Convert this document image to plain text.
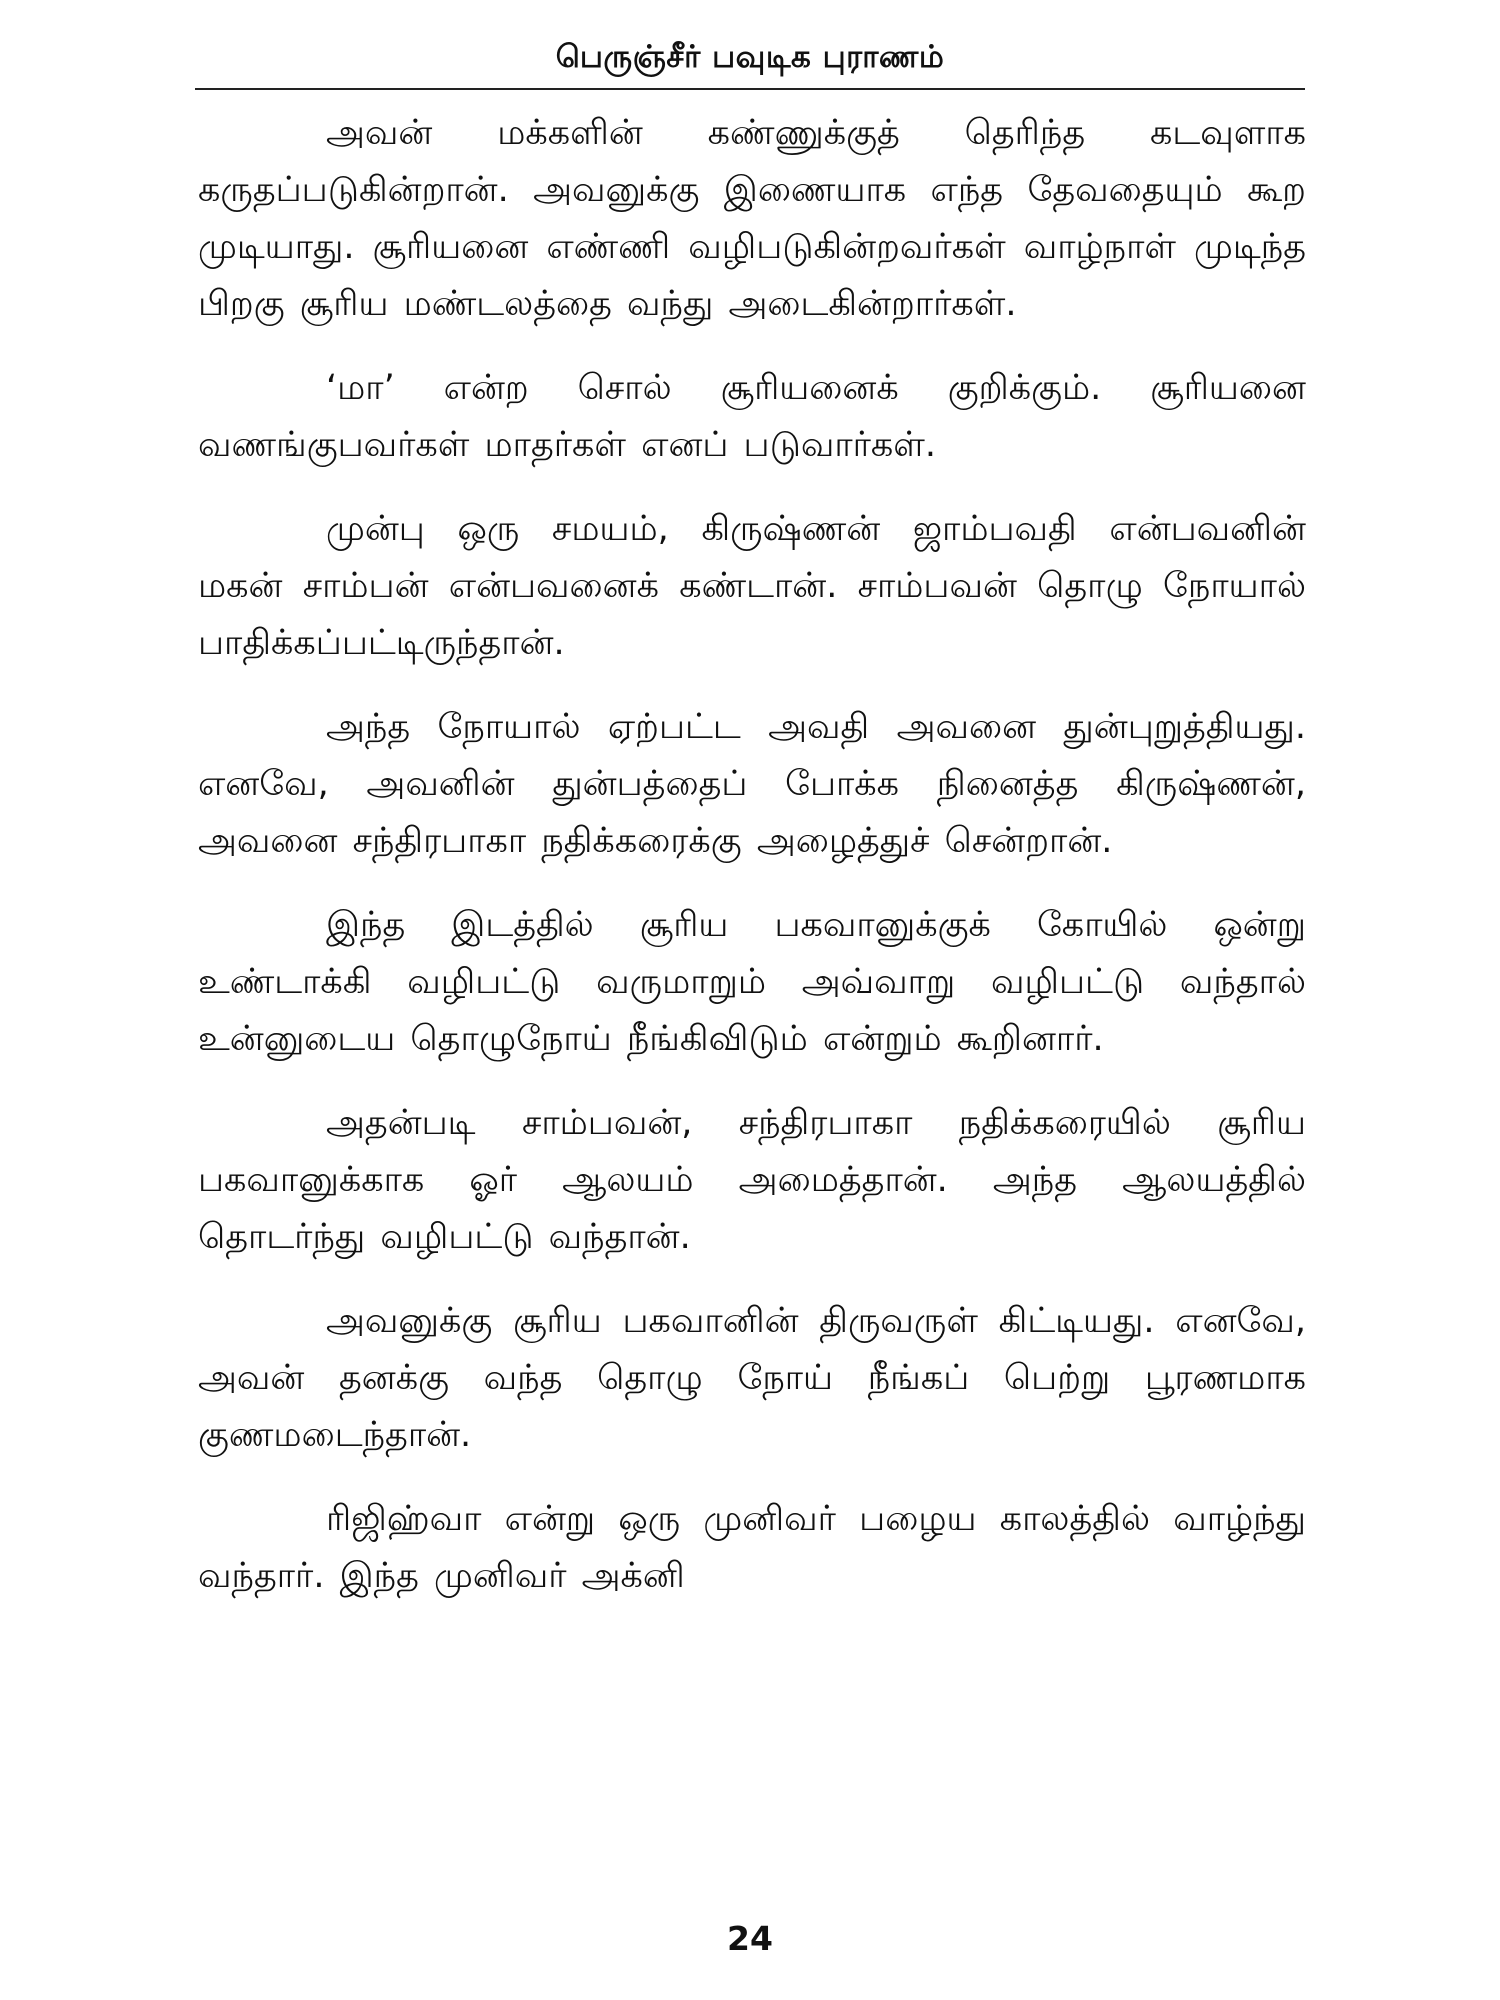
பெருஞ்சீர் பவுடிக புராணம்

அவன் மக்களின் கண்ணுக்குத் தெரிந்த கடவுளாக கருதப்படுகின்றான். அவனுக்கு இணையாக எந்த தேவதையும் கூற முடியாது. சூரியனை எண்ணி வழிபடுகின்றவர்கள் வாழ்நாள் முடிந்த பிறகு சூரிய மண்டலத்தை வந்து அடைகின்றார்கள்.

‘மா’ என்ற சொல் சூரியனைக் குறிக்கும். சூரியனை வணங்குபவர்கள் மாதர்கள் எனப் படுவார்கள்.

முன்பு ஒரு சமயம், கிருஷ்ணன் ஜாம்பவதி என்பவனின் மகன் சாம்பன் என்பவனைக் கண்டான். சாம்பவன் தொழு நோயால் பாதிக்கப்பட்டிருந்தான்.

அந்த நோயால் ஏற்பட்ட அவதி அவனை துன்புறுத்தியது. எனவே, அவனின் துன்பத்தைப் போக்க நினைத்த கிருஷ்ணன், அவனை சந்திரபாகா நதிக்கரைக்கு அழைத்துச் சென்றான்.

இந்த இடத்தில் சூரிய பகவானுக்குக் கோயில் ஒன்று உண்டாக்கி வழிபட்டு வருமாறும் அவ்வாறு வழிபட்டு வந்தால் உன்னுடைய தொழுநோய் நீங்கிவிடும் என்றும் கூறினார்.

அதன்படி சாம்பவன், சந்திரபாகா நதிக்கரையில் சூரிய பகவானுக்காக ஓர் ஆலயம் அமைத்தான். அந்த ஆலயத்தில் தொடர்ந்து வழிபட்டு வந்தான்.

அவனுக்கு சூரிய பகவானின் திருவருள் கிட்டியது. எனவே, அவன் தனக்கு வந்த தொழு நோய் நீங்கப் பெற்று பூரணமாக குணமடைந்தான்.

ரிஜிஹ்வா என்று ஒரு முனிவர் பழைய காலத்தில் வாழ்ந்து வந்தார். இந்த முனிவர் அக்னி

24
